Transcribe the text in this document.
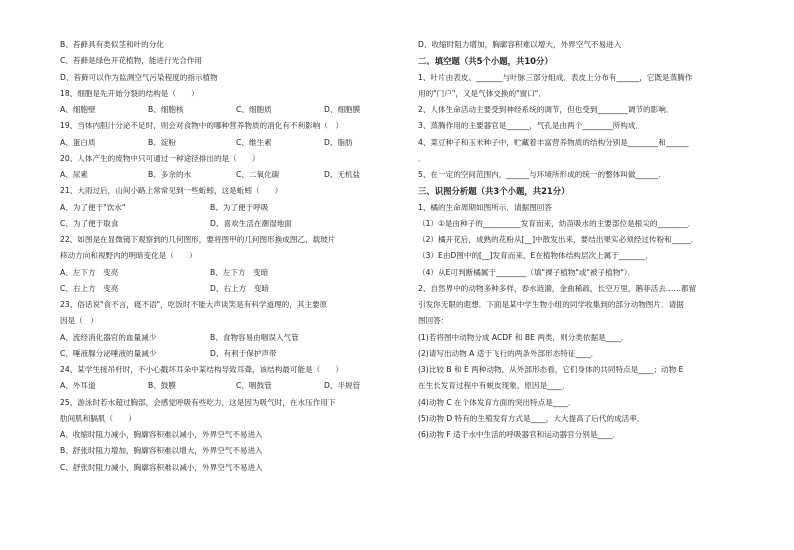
B、苔藓具有类似茎和叶的分化
C、苔藓是绿色开花植物，能进行光合作用
D、苔藓可以作为监测空气污染程度的指示植物
18、细胞是先开始分裂的结构是（　　）
A、细胞壁	B、细胞核	C、细胞质	D、细胞膜
19、当体内胆汁分泌不足时，则会对食物中的哪种营养物质的消化有不利影响（　）
A、蛋白质	B、淀粉	C、维生素	D、脂肪
20、人体产生的废物中只可通过一种途径排出的是（　　）
A、尿素	B、多余的水	C、二氧化碳	D、无机盐
21、大雨过后，山间小路上常常见到一些蚯蚓，这是蚯蚓（　　）
A、为了便于"饮水"	B、为了便于呼吸
C、为了便于取食	D、喜欢生活在潮湿地面
22、如图是在显微镜下观察到的几何图形，要将图甲的几何图形换成图乙，载玻片
移动方向和视野内的明暗变化是（　　）
A、左下方　变亮	B、左下方　变暗
C、右上方　变亮	D、右上方　变暗
23、俗话说"食不言，寝不语"，吃饭时不能大声谈笑是有科学道理的，其主要原
因是（　）
A、流经消化器官的血量减少	B、食物容易由咽误入气管
C、唾液腺分泌唾液的量减少	D、有利于保护声带
24、某学生接吊杆时，不小心戳坏耳朵中某结构导致耳聋，该结构最可能是（　　）
A、外耳道	B、鼓膜	C、咽鼓管	D、半规管
25、游泳时若水超过胸部，会感觉呼吸有些吃力，这是因为吸气时，在水压作用下
肋间肌和膈肌（　　）
A、收缩时阻力减小，胸廓容积难以减小，外界空气不易进入
B、舒张时阻力增加，胸廓容积难以增大，外界空气不易进入
C、舒张时阻力减小，胸廓容积难以减小，外界空气不易进入
D、收缩时阻力增加，胸廓容积难以增大，外界空气不易进入
二、填空题（共5个小题，共10分）
1、叶片由表皮、_______与叶脉三部分组成．表皮上分布有______，它既是蒸腾作
用的"门户"，又是气体交换的"窗口"．
2、人体生命活动主要受到神经系统的调节，但也受到________调节的影响．
3、蒸腾作用的主要器官是______，气孔是由两个________所构成．
4、菜豆种子和玉米种子中，贮藏着丰富营养物质的结构分别是________和______
．
5、在一定的空间范围内，______与环境所形成的统一的整体叫做______．
三、识图分析题（共3个小题，共21分）
1、橘的生命周期如图所示．请据图回答
（1）①是由种子的__________发育而来，幼苗吸水的主要部位是根尖的________．
（2）橘开花后，成熟的花粉从[__]中散发出来，要结出果实必须经过传粉和_____．
（3）E由D图中的[__]发育而来，E在植物体结构层次上属于_______．
（4）从E可判断橘属于________（填"裸子植物"或"被子植物"）．
2、自然界中的动物多种多样，春水涟漪，金曲稀疏，长空万里，鹅菲活去……都留
引发你无限的遐想．下面是某中学生物小组的同学收集到的部分动物图片．请据
图回答：
(1)若将图中动物分成 ACDF 和 BE 两类，则分类依据是____．
(2)请写出动物 A 适于飞行的两条外部形态特征____．
(3)比较 B 和 E 两种动物，从外部形态看，它们身体的共同特点是____；动物 E
在生长发育过程中有蜕皮现象，原因是____．
(4)动物 C 在个体发育方面的突出特点是____．
(5)动物 D 特有的生殖发育方式是____，大大提高了后代的成活率．
(6)动物 F 适于水中生活的呼吸器官和运动器官分别是____．
